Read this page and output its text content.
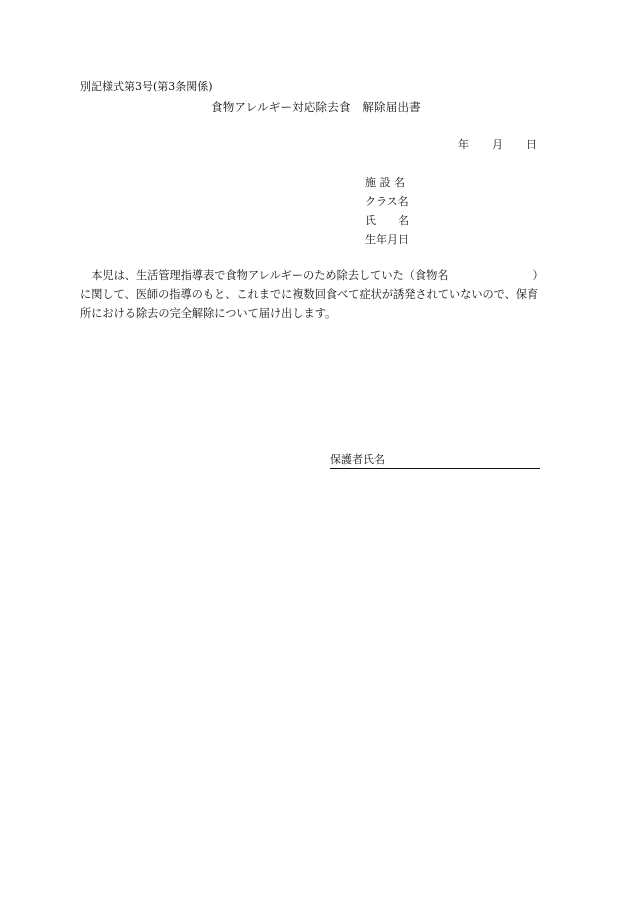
別記様式第3号(第3条関係)
食物アレルギー対応除去食　解除届出書
年 月 日
施 設 名
クラス名
氏　　名
生年月日
　本児は、生活管理指導表で食物アレルギーのため除去していた（食物名	）
に関して、医師の指導のもと、これまでに複数回食べて症状が誘発されていないので、保育
所における除去の完全解除について届け出します。
保護者氏名
